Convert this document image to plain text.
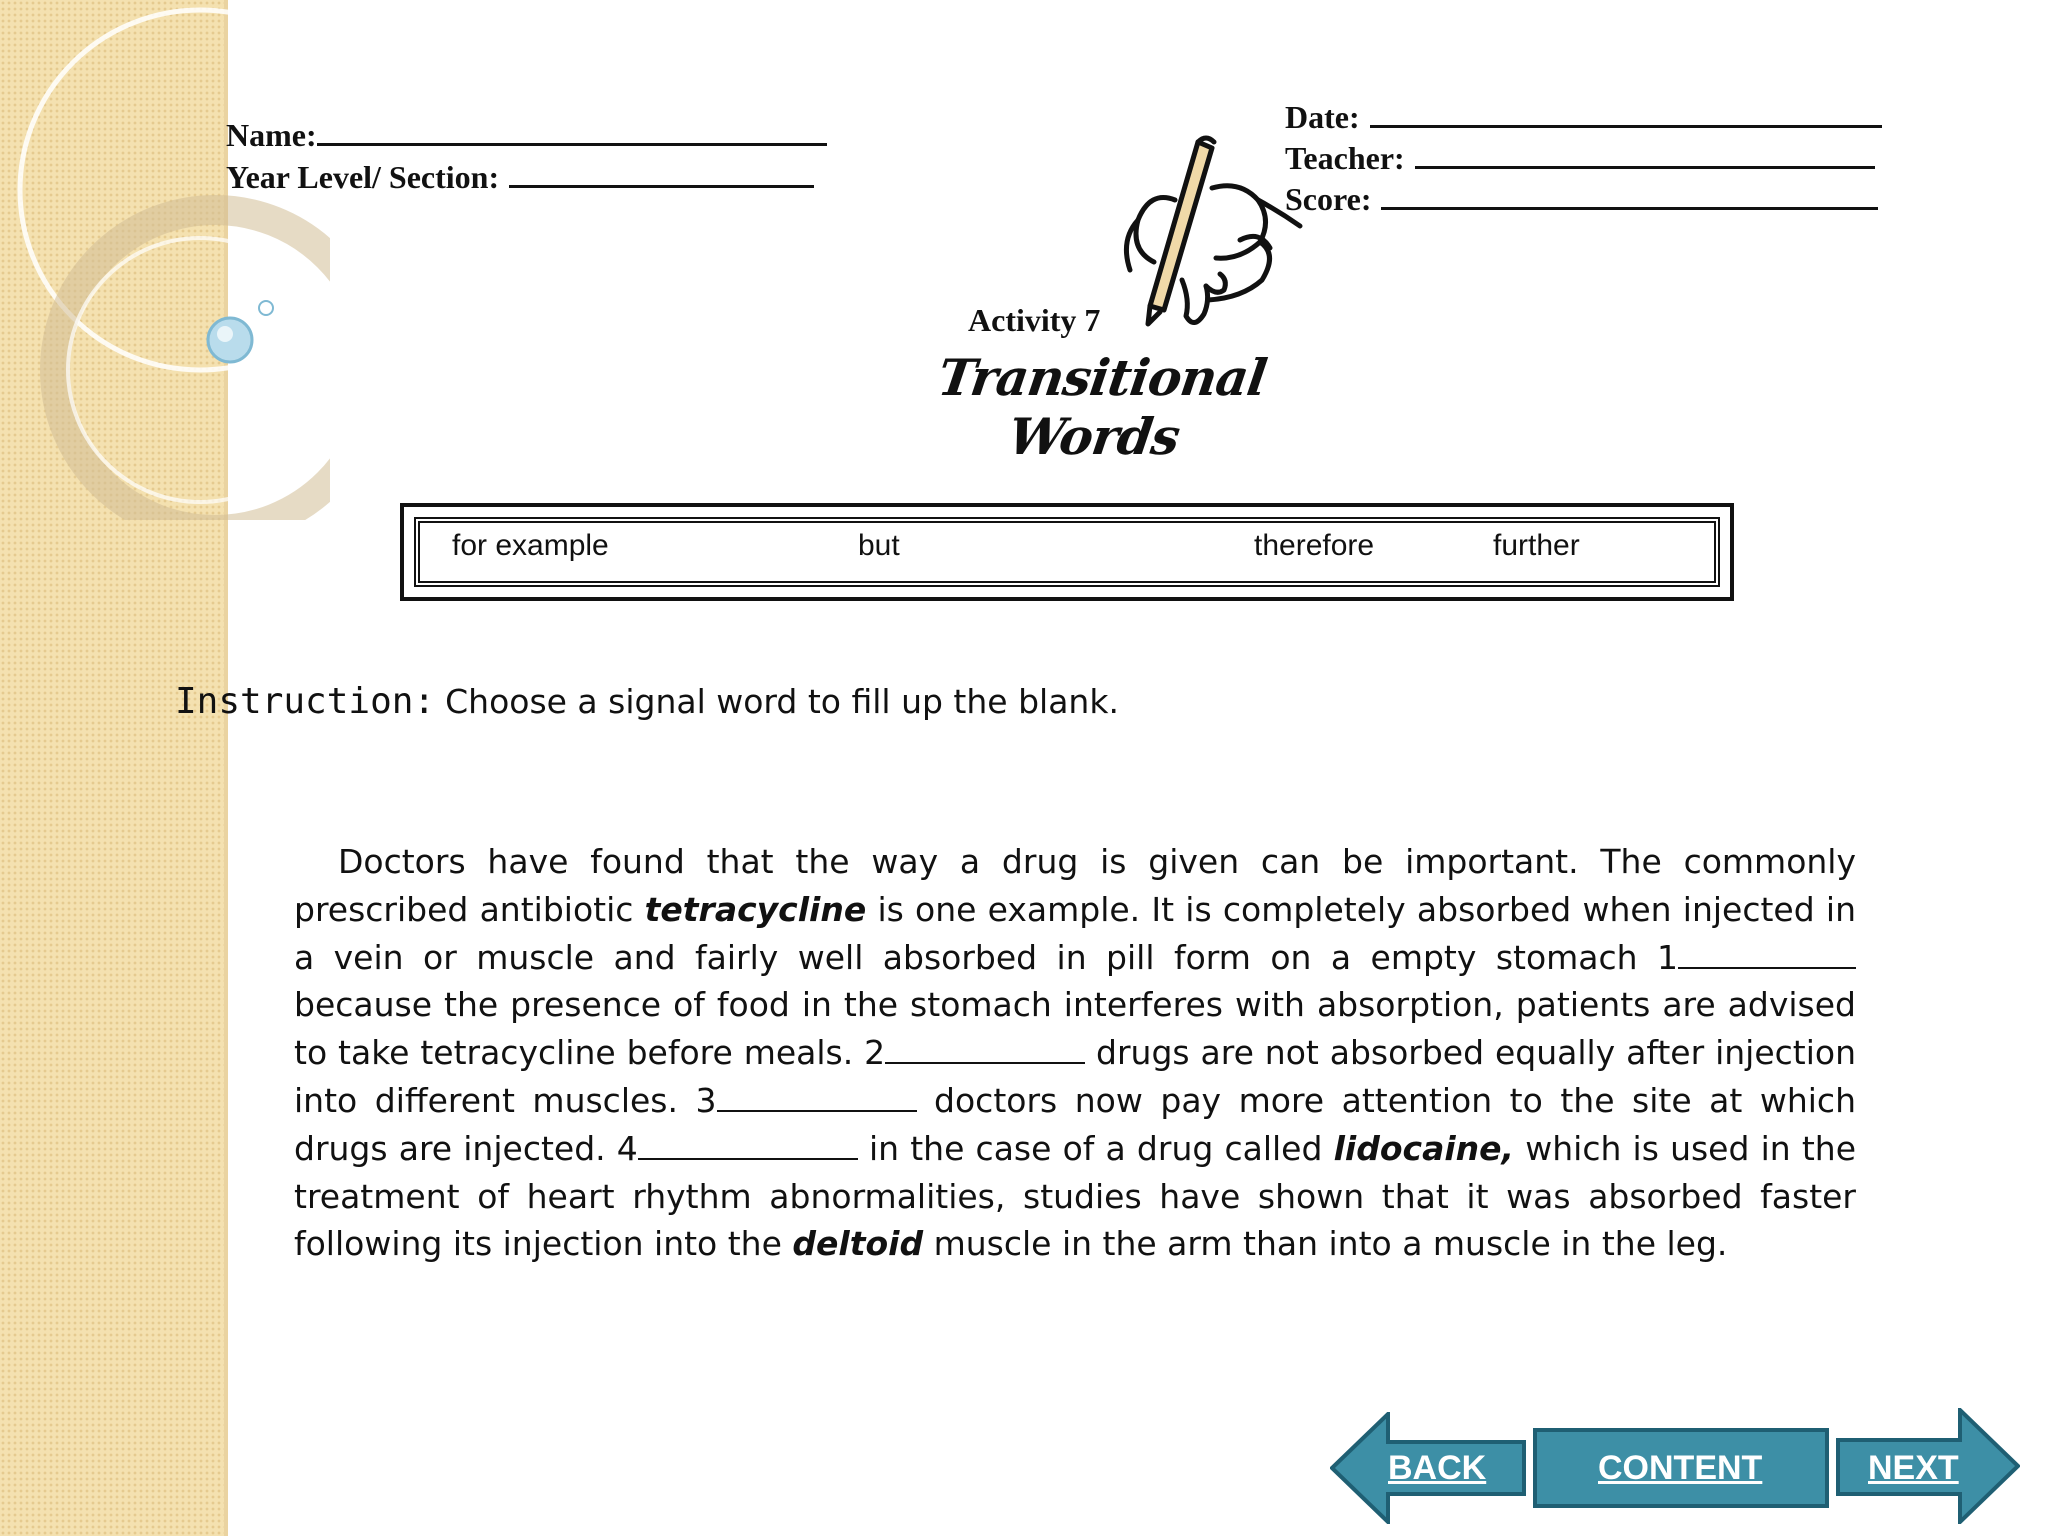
Name:
Year Level/ Section:
Date:
Teacher:
Score:
Activity 7
Transitional Words
for example	but	therefore	further
Instruction: Choose a signal word to fill up the blank.
Doctors have found that the way a drug is given can be important. The commonly prescribed antibiotic tetracycline is one example. It is completely absorbed when injected in a vein or muscle and fairly well absorbed in pill form on a empty stomach 1 because the presence of food in the stomach interferes with absorption, patients are advised to take tetracycline before meals. 2	drugs are not absorbed equally after injection into different muscles. 3	doctors now pay more attention to the site at which drugs are injected. 4	in the case of a drug called lidocaine, which is used in the treatment of heart rhythm abnormalities, studies have shown that it was absorbed faster following its injection into the deltoid muscle in the arm than into a muscle in the leg.
BACK	CONTENT	NEXT
